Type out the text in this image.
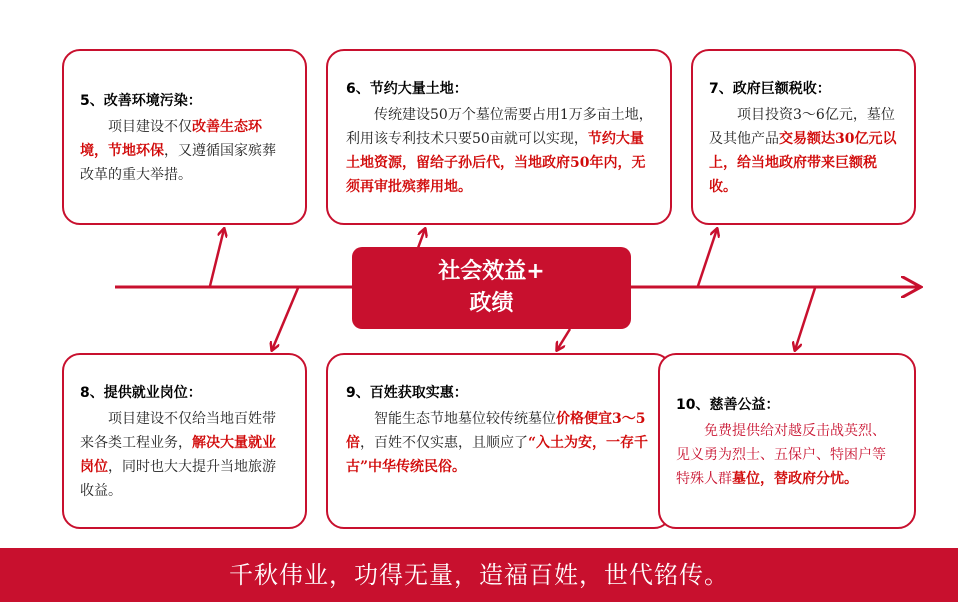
5、改善环境污染：
项目建设不仅改善生态环境，节地环保，又遵循国家殡葬改革的重大举措。
6、节约大量土地：
传统建设50万个墓位需要占用1万多亩土地，利用该专利技术只要50亩就可以实现，节约大量土地资源，留给子孙后代，当地政府50年内，无须再审批殡葬用地。
7、政府巨额税收：
项目投资3～6亿元，墓位及其他产品交易额达30亿元以上，给当地政府带来巨额税收。
8、提供就业岗位：
项目建设不仅给当地百姓带来各类工程业务，解决大量就业岗位，同时也大大提升当地旅游收益。
9、百姓获取实惠：
智能生态节地墓位较传统墓位价格便宜3～5倍，百姓不仅实惠，且顺应了“入土为安，一存千古”中华传统民俗。
10、慈善公益：
免费提供给对越反击战英烈、见义勇为烈士、五保户、特困户等特殊人群墓位，替政府分忧。
社会效益+
政绩
千秋伟业，功得无量，造福百姓，世代铭传。
